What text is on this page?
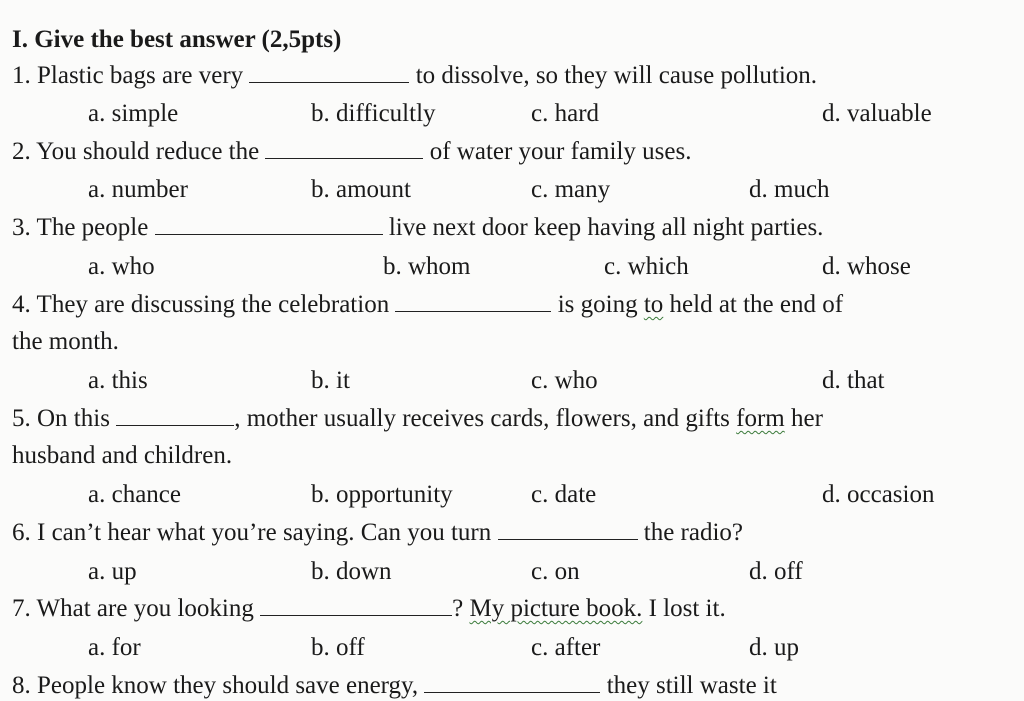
I. Give the best answer (2,5pts)
1. Plastic bags are very	to dissolve, so they will cause pollution.
a. simple	b. difficultly	c. hard	d. valuable
2. You should reduce the	of water your family uses.
a. number	b. amount	c. many	d. much
3. The people	live next door keep having all night parties.
a. who	b. whom	c. which	d. whose
4. They are discussing the celebration	is going to held at the end of
the month.
a. this	b. it	c. who	d. that
5. On this	, mother usually receives cards, flowers, and gifts form her
husband and children.
a. chance	b. opportunity	c. date	d. occasion
6. I can’t hear what you’re saying. Can you turn	the radio?
a. up	b. down	c. on	d. off
7. What are you looking	? My picture book. I lost it.
a. for	b. off	c. after	d. up
8. People know they should save energy,	they still waste it
